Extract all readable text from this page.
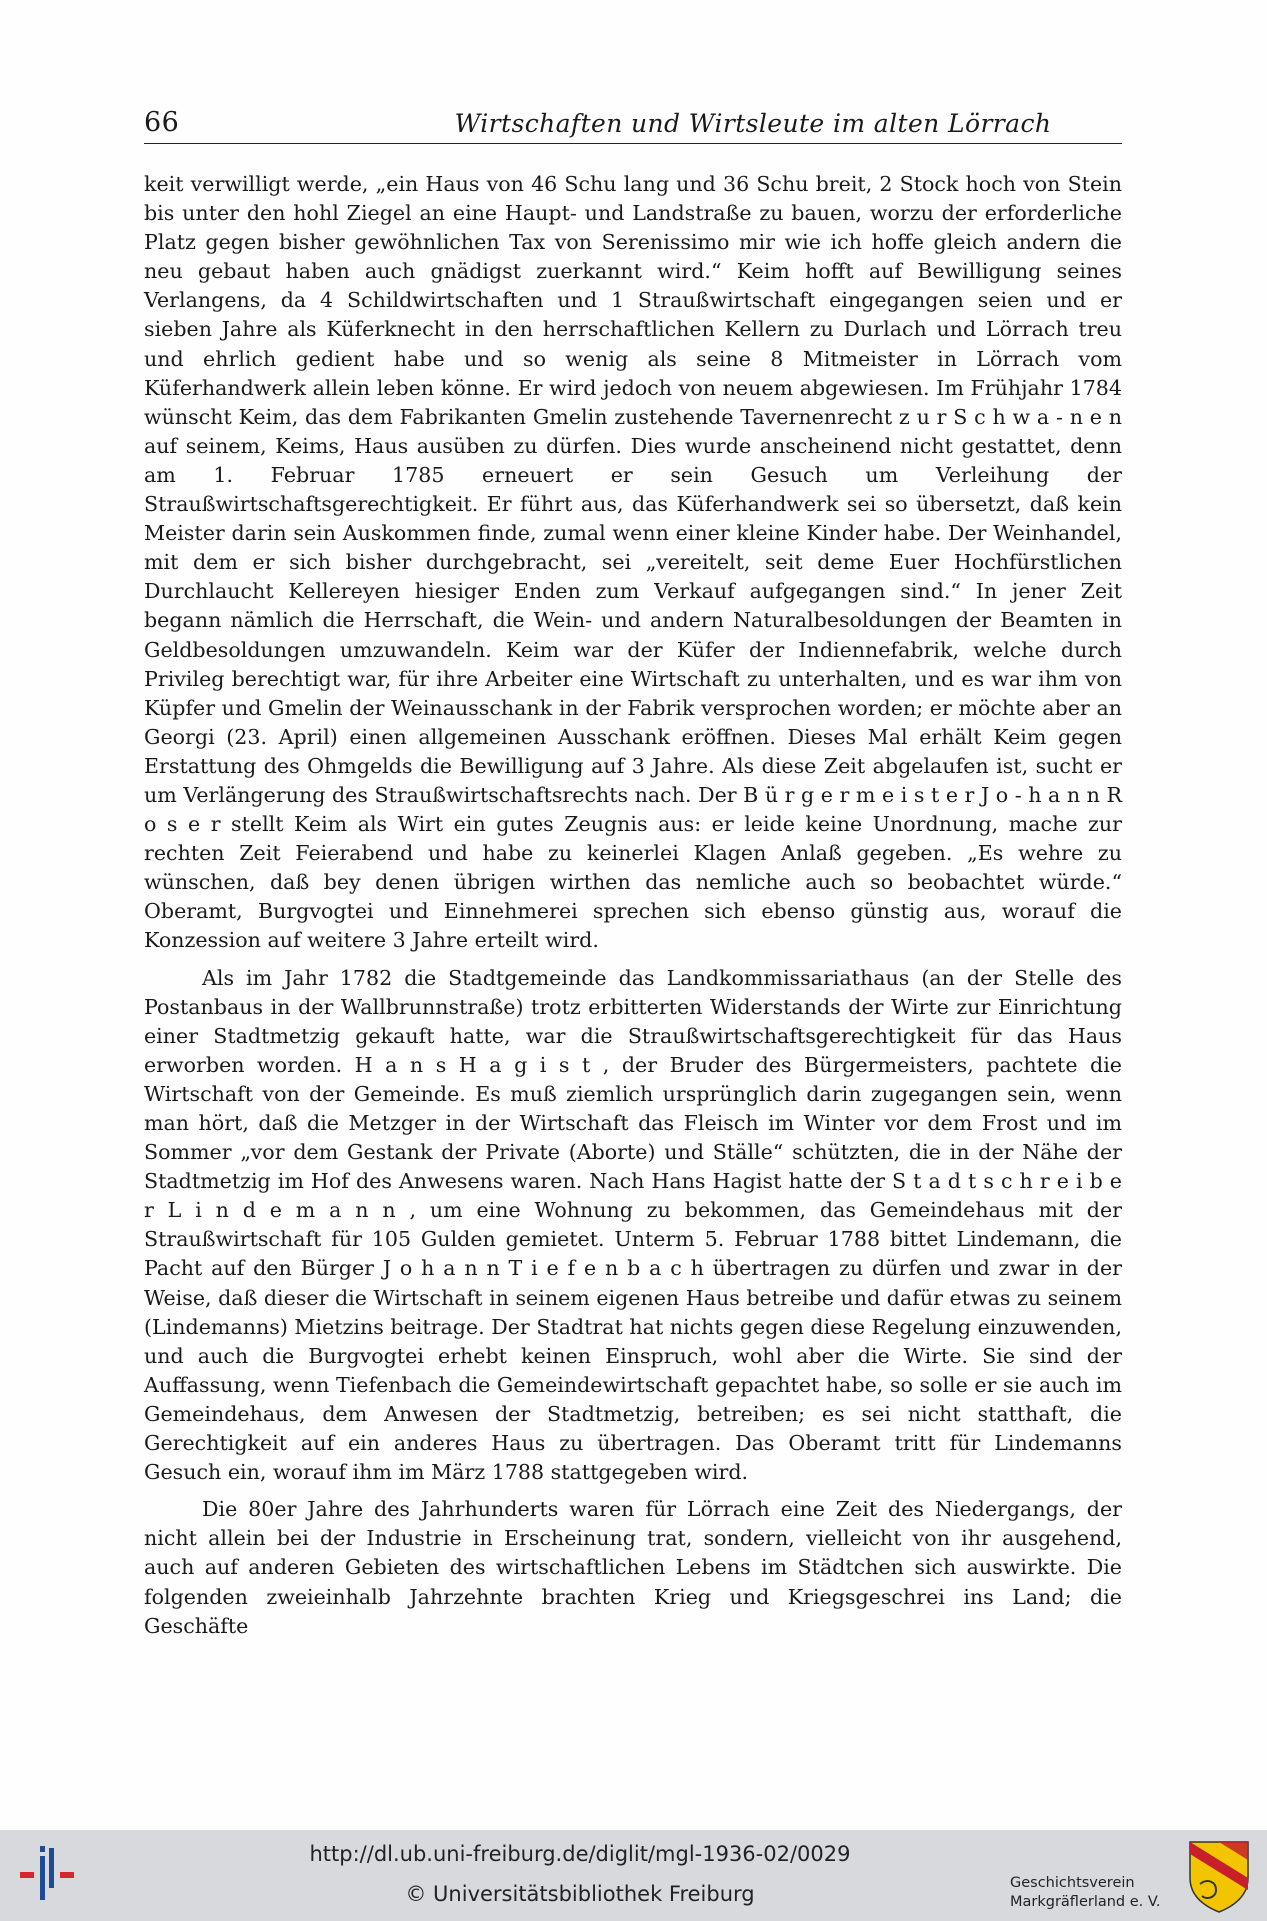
66	Wirtschaften und Wirtsleute im alten Lörrach

keit verwilligt werde, „ein Haus von 46 Schu lang und 36 Schu breit, 2 Stock hoch von Stein bis unter den hohl Ziegel an eine Haupt- und Landstraße zu bauen, worzu der erforderliche Platz gegen bisher gewöhnlichen Tax von Serenissimo mir wie ich hoffe gleich andern die neu gebaut haben auch gnädigst zuerkannt wird.“ Keim hofft auf Bewilligung seines Verlangens, da 4 Schildwirtschaften und 1 Straußwirtschaft eingegangen seien und er sieben Jahre als Küferknecht in den herrschaftlichen Kellern zu Durlach und Lörrach treu und ehrlich gedient habe und so wenig als seine 8 Mitmeister in Lörrach vom Küferhandwerk allein leben könne. Er wird jedoch von neuem abgewiesen. Im Frühjahr 1784 wünscht Keim, das dem Fabrikanten Gmelin zustehende Tavernenrecht z u r S c h w a - n e n auf seinem, Keims, Haus ausüben zu dürfen. Dies wurde anscheinend nicht gestattet, denn am 1. Februar 1785 erneuert er sein Gesuch um Verleihung der Straußwirtschaftsgerechtigkeit. Er führt aus, das Küferhandwerk sei so übersetzt, daß kein Meister darin sein Auskommen finde, zumal wenn einer kleine Kinder habe. Der Weinhandel, mit dem er sich bisher durchgebracht, sei „vereitelt, seit deme Euer Hochfürstlichen Durchlaucht Kellereyen hiesiger Enden zum Verkauf aufgegangen sind.“ In jener Zeit begann nämlich die Herrschaft, die Wein- und andern Naturalbesoldungen der Beamten in Geldbesoldungen umzuwandeln. Keim war der Küfer der Indiennefabrik, welche durch Privileg berechtigt war, für ihre Arbeiter eine Wirtschaft zu unterhalten, und es war ihm von Küpfer und Gmelin der Weinausschank in der Fabrik versprochen worden; er möchte aber an Georgi (23. April) einen allgemeinen Ausschank eröffnen. Dieses Mal erhält Keim gegen Erstattung des Ohmgelds die Bewilligung auf 3 Jahre. Als diese Zeit abgelaufen ist, sucht er um Verlängerung des Straußwirtschaftsrechts nach. Der B ü r g e r m e i s t e r J o - h a n n R o s e r stellt Keim als Wirt ein gutes Zeugnis aus: er leide keine Unordnung, mache zur rechten Zeit Feierabend und habe zu keinerlei Klagen Anlaß gegeben. „Es wehre zu wünschen, daß bey denen übrigen wirthen das nemliche auch so beobachtet würde.“ Oberamt, Burgvogtei und Einnehmerei sprechen sich ebenso günstig aus, worauf die Konzession auf weitere 3 Jahre erteilt wird.

Als im Jahr 1782 die Stadtgemeinde das Landkommissariathaus (an der Stelle des Postanbaus in der Wallbrunnstraße) trotz erbitterten Widerstands der Wirte zur Einrichtung einer Stadtmetzig gekauft hatte, war die Straußwirtschaftsgerechtigkeit für das Haus erworben worden. H a n s H a g i s t , der Bruder des Bürgermeisters, pachtete die Wirtschaft von der Gemeinde. Es muß ziemlich ursprünglich darin zugegangen sein, wenn man hört, daß die Metzger in der Wirtschaft das Fleisch im Winter vor dem Frost und im Sommer „vor dem Gestank der Private (Aborte) und Ställe“ schützten, die in der Nähe der Stadtmetzig im Hof des Anwesens waren. Nach Hans Hagist hatte der S t a d t s c h r e i b e r L i n d e m a n n , um eine Wohnung zu bekommen, das Gemeindehaus mit der Straußwirtschaft für 105 Gulden gemietet. Unterm 5. Februar 1788 bittet Lindemann, die Pacht auf den Bürger J o h a n n T i e f e n b a c h übertragen zu dürfen und zwar in der Weise, daß dieser die Wirtschaft in seinem eigenen Haus betreibe und dafür etwas zu seinem (Lindemanns) Mietzins beitrage. Der Stadtrat hat nichts gegen diese Regelung einzuwenden, und auch die Burgvogtei erhebt keinen Einspruch, wohl aber die Wirte. Sie sind der Auffassung, wenn Tiefenbach die Gemeindewirtschaft gepachtet habe, so solle er sie auch im Gemeindehaus, dem Anwesen der Stadtmetzig, betreiben; es sei nicht statthaft, die Gerechtigkeit auf ein anderes Haus zu übertragen. Das Oberamt tritt für Lindemanns Gesuch ein, worauf ihm im März 1788 stattgegeben wird.

Die 80er Jahre des Jahrhunderts waren für Lörrach eine Zeit des Niedergangs, der nicht allein bei der Industrie in Erscheinung trat, sondern, vielleicht von ihr ausgehend, auch auf anderen Gebieten des wirtschaftlichen Lebens im Städtchen sich auswirkte. Die folgenden zweieinhalb Jahrzehnte brachten Krieg und Kriegsgeschrei ins Land; die Geschäfte

http://dl.ub.uni-freiburg.de/diglit/mgl-1936-02/0029
© Universitätsbibliothek Freiburg	Geschichtsverein
Markgräflerland e. V.
